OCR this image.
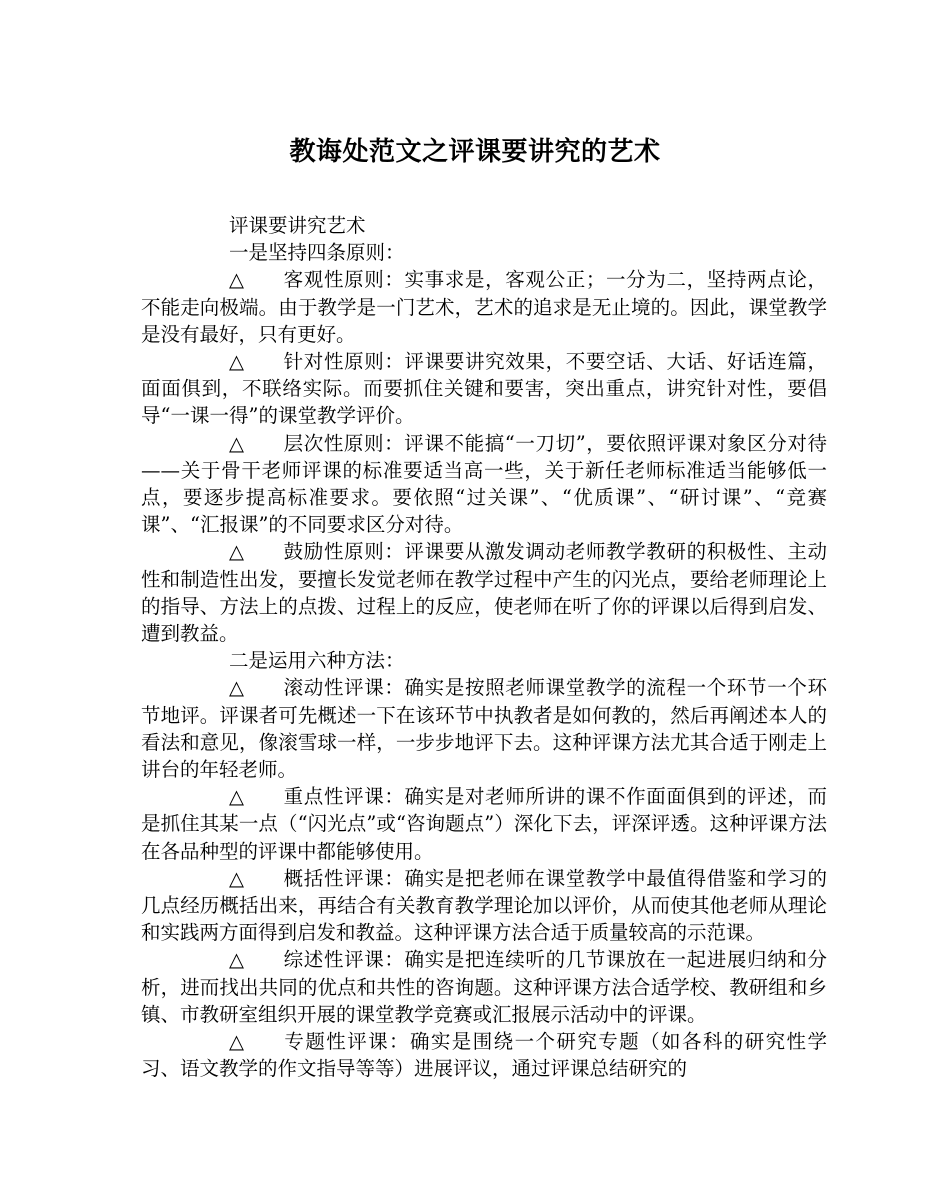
教诲处范文之评课要讲究的艺术

评课要讲究艺术

一是坚持四条原则：

△ 客观性原则：实事求是，客观公正；一分为二，坚持两点论，不能走向极端。由于教学是一门艺术，艺术的追求是无止境的。因此，课堂教学是没有最好，只有更好。

△ 针对性原则：评课要讲究效果，不要空话、大话、好话连篇，面面俱到，不联络实际。而要抓住关键和要害，突出重点，讲究针对性，要倡导“一课一得”的课堂教学评价。

△ 层次性原则：评课不能搞“一刀切”，要依照评课对象区分对待——关于骨干老师评课的标准要适当高一些，关于新任老师标准适当能够低一点，要逐步提高标准要求。要依照“过关课”、“优质课”、“研讨课”、“竞赛课”、“汇报课”的不同要求区分对待。

△ 鼓励性原则：评课要从激发调动老师教学教研的积极性、主动性和制造性出发，要擅长发觉老师在教学过程中产生的闪光点，要给老师理论上的指导、方法上的点拨、过程上的反应，使老师在听了你的评课以后得到启发、遭到教益。

二是运用六种方法：

△ 滚动性评课：确实是按照老师课堂教学的流程一个环节一个环节地评。评课者可先概述一下在该环节中执教者是如何教的，然后再阐述本人的看法和意见，像滚雪球一样，一步步地评下去。这种评课方法尤其合适于刚走上讲台的年轻老师。

△ 重点性评课：确实是对老师所讲的课不作面面俱到的评述，而是抓住其某一点（“闪光点”或“咨询题点”）深化下去，评深评透。这种评课方法在各品种型的评课中都能够使用。

△ 概括性评课：确实是把老师在课堂教学中最值得借鉴和学习的几点经历概括出来，再结合有关教育教学理论加以评价，从而使其他老师从理论和实践两方面得到启发和教益。这种评课方法合适于质量较高的示范课。

△ 综述性评课：确实是把连续听的几节课放在一起进展归纳和分析，进而找出共同的优点和共性的咨询题。这种评课方法合适学校、教研组和乡镇、市教研室组织开展的课堂教学竞赛或汇报展示活动中的评课。

△ 专题性评课：确实是围绕一个研究专题（如各科的研究性学习、语文教学的作文指导等等）进展评议，通过评课总结研究的
